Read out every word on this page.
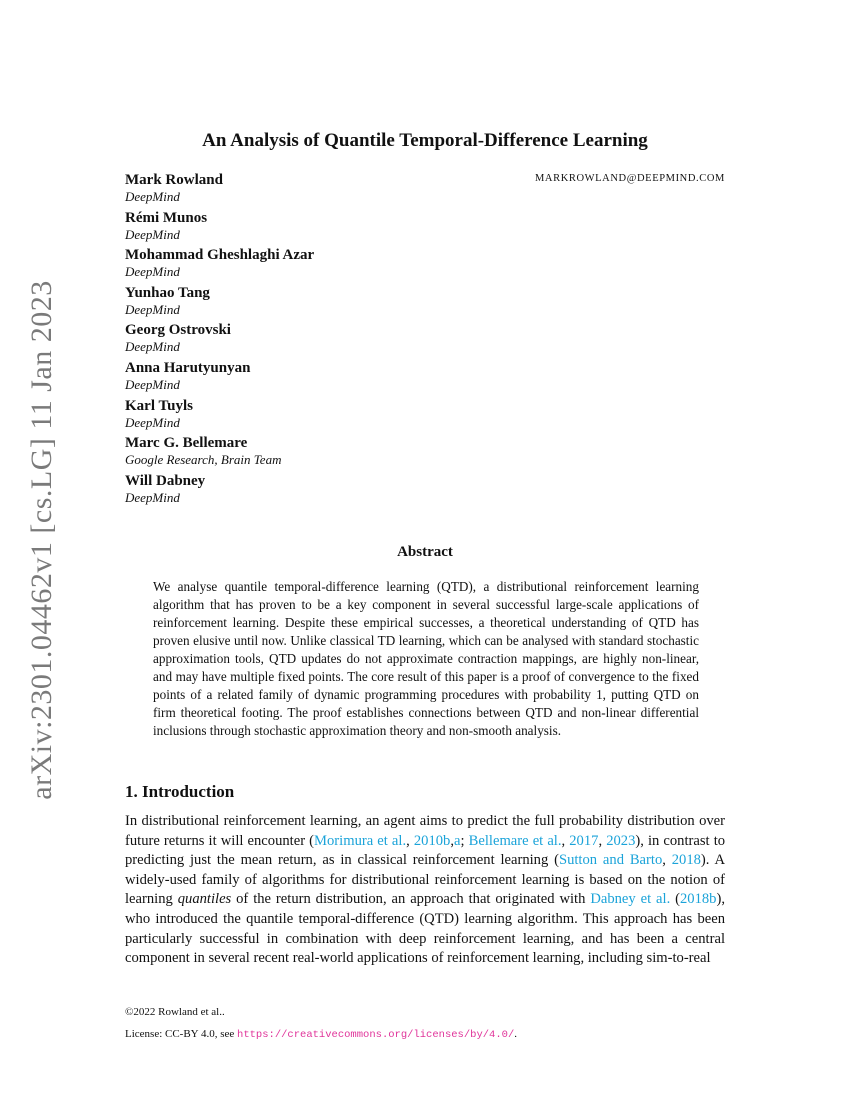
arXiv:2301.04462v1 [cs.LG] 11 Jan 2023
An Analysis of Quantile Temporal-Difference Learning
MARKROWLAND@DEEPMIND.COM
Mark Rowland
DeepMind
Rémi Munos
DeepMind
Mohammad Gheshlaghi Azar
DeepMind
Yunhao Tang
DeepMind
Georg Ostrovski
DeepMind
Anna Harutyunyan
DeepMind
Karl Tuyls
DeepMind
Marc G. Bellemare
Google Research, Brain Team
Will Dabney
DeepMind
Abstract

We analyse quantile temporal-difference learning (QTD), a distributional reinforcement learning algorithm that has proven to be a key component in several successful large-scale applications of reinforcement learning. Despite these empirical successes, a theoretical understanding of QTD has proven elusive until now. Unlike classical TD learning, which can be analysed with standard stochastic approximation tools, QTD updates do not approximate contraction mappings, are highly non-linear, and may have multiple fixed points. The core result of this paper is a proof of convergence to the fixed points of a related family of dynamic programming procedures with probability 1, putting QTD on firm theoretical footing. The proof establishes connections between QTD and non-linear differential inclusions through stochastic approximation theory and non-smooth analysis.

1. Introduction

In distributional reinforcement learning, an agent aims to predict the full probability distribution over future returns it will encounter (Morimura et al., 2010b,a; Bellemare et al., 2017, 2023), in contrast to predicting just the mean return, as in classical reinforcement learning (Sutton and Barto, 2018). A widely-used family of algorithms for distributional reinforcement learning is based on the notion of learning quantiles of the return distribution, an approach that originated with Dabney et al. (2018b), who introduced the quantile temporal-difference (QTD) learning algorithm. This approach has been particularly successful in combination with deep reinforcement learning, and has been a central component in several recent real-world applications of reinforcement learning, including sim-to-real

©2022 Rowland et al..
License: CC-BY 4.0, see https://creativecommons.org/licenses/by/4.0/.
